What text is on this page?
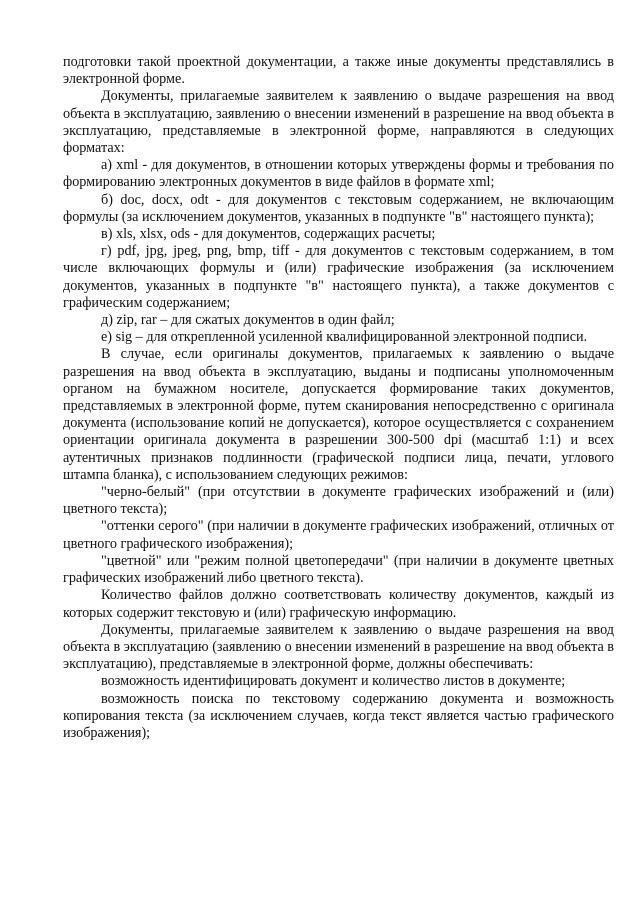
подготовки такой проектной документации, а также иные документы представлялись в электронной форме.

Документы, прилагаемые заявителем к заявлению о выдаче разрешения на ввод объекта в эксплуатацию, заявлению о внесении изменений в разрешение на ввод объекта в эксплуатацию, представляемые в электронной форме, направляются в следующих форматах:

а) xml - для документов, в отношении которых утверждены формы и требования по формированию электронных документов в виде файлов в формате xml;

б) doc, docx, odt - для документов с текстовым содержанием, не включающим формулы (за исключением документов, указанных в подпункте "в" настоящего пункта);

в) xls, xlsx, ods - для документов, содержащих расчеты;

г) pdf, jpg, jpeg, png, bmp, tiff - для документов с текстовым содержанием, в том числе включающих формулы и (или) графические изображения (за исключением документов, указанных в подпункте "в" настоящего пункта), а также документов с графическим содержанием;

д) zip, rar – для сжатых документов в один файл;

е) sig – для открепленной усиленной квалифицированной электронной подписи.

В случае, если оригиналы документов, прилагаемых к заявлению о выдаче разрешения на ввод объекта в эксплуатацию, выданы и подписаны уполномоченным органом на бумажном носителе, допускается формирование таких документов, представляемых в электронной форме, путем сканирования непосредственно с оригинала документа (использование копий не допускается), которое осуществляется с сохранением ориентации оригинала документа в разрешении 300-500 dpi (масштаб 1:1) и всех аутентичных признаков подлинности (графической подписи лица, печати, углового штампа бланка), с использованием следующих режимов:

"черно-белый" (при отсутствии в документе графических изображений и (или) цветного текста);

"оттенки серого" (при наличии в документе графических изображений, отличных от цветного графического изображения);

"цветной" или "режим полной цветопередачи" (при наличии в документе цветных графических изображений либо цветного текста).

Количество файлов должно соответствовать количеству документов, каждый из которых содержит текстовую и (или) графическую информацию.

Документы, прилагаемые заявителем к заявлению о выдаче разрешения на ввод объекта в эксплуатацию (заявлению о внесении изменений в разрешение на ввод объекта в эксплуатацию), представляемые в электронной форме, должны обеспечивать:

возможность идентифицировать документ и количество листов в документе;

возможность поиска по текстовому содержанию документа и возможность копирования текста (за исключением случаев, когда текст является частью графического изображения);
